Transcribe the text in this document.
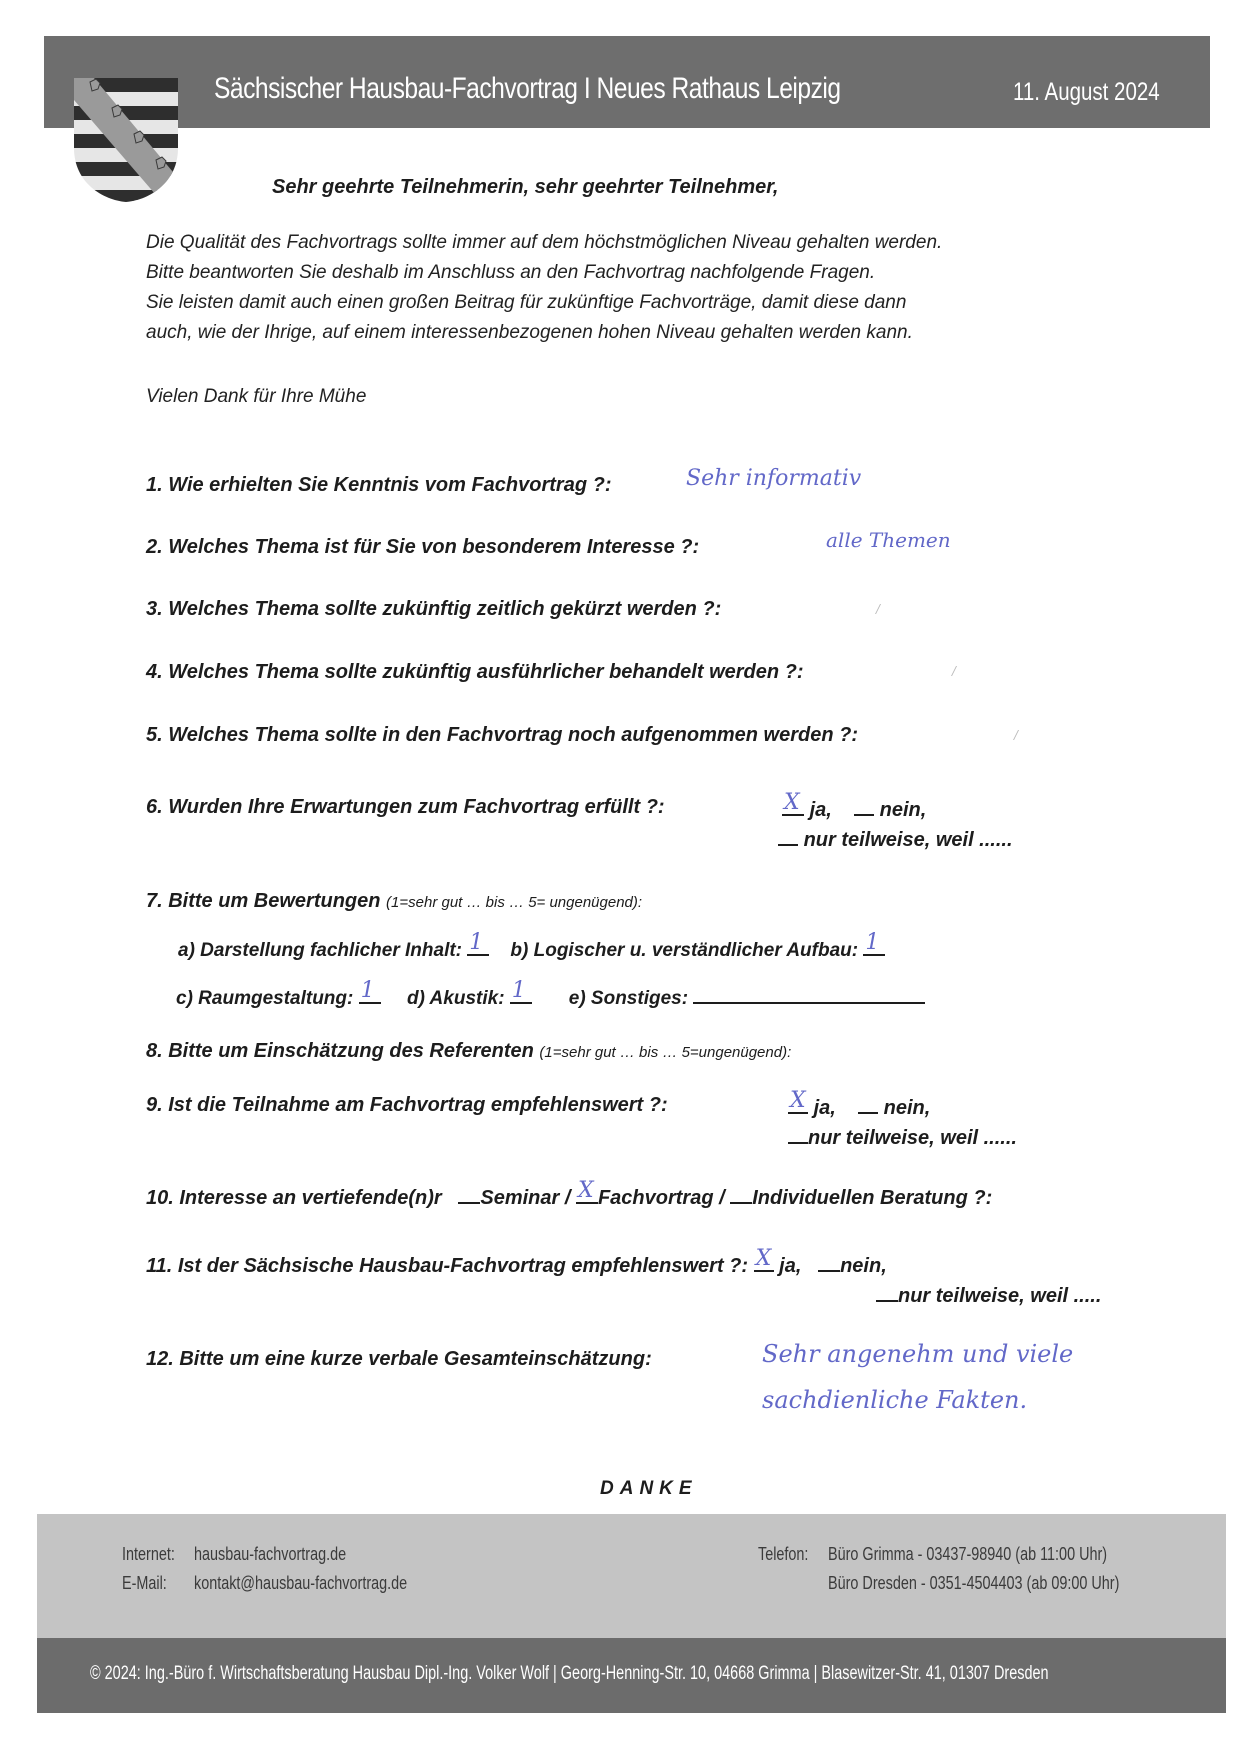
Sächsischer Hausbau-Fachvortrag I Neues Rathaus Leipzig	11. August 2024
Sehr geehrte Teilnehmerin, sehr geehrter Teilnehmer,
Die Qualität des Fachvortrags sollte immer auf dem höchstmöglichen Niveau gehalten werden.
Bitte beantworten Sie deshalb im Anschluss an den Fachvortrag nachfolgende Fragen.
Sie leisten damit auch einen großen Beitrag für zukünftige Fachvorträge, damit diese dann
auch, wie der Ihrige, auf einem interessenbezogenen hohen Niveau gehalten werden kann.
Vielen Dank für Ihre Mühe
1. Wie erhielten Sie Kenntnis vom Fachvortrag ?:	Sehr informativ
2. Welches Thema ist für Sie von besonderem Interesse ?:	alle Themen
3. Welches Thema sollte zukünftig zeitlich gekürzt werden ?:	/
4. Welches Thema sollte zukünftig ausführlicher behandelt werden ?:	/
5. Welches Thema sollte in den Fachvortrag noch aufgenommen werden ?:	/
6. Wurden Ihre Erwartungen zum Fachvortrag erfüllt ?:	X ja, nein,
nur teilweise, weil ......
7. Bitte um Bewertungen (1=sehr gut … bis … 5= ungenügend):
a) Darstellung fachlicher Inhalt: 1 b) Logischer u. verständlicher Aufbau: 1
c) Raumgestaltung: 1 d) Akustik: 1 e) Sonstiges:
8. Bitte um Einschätzung des Referenten (1=sehr gut … bis … 5=ungenügend):
9. Ist die Teilnahme am Fachvortrag empfehlenswert ?:	X ja, nein,
nur teilweise, weil ......
10. Interesse an vertiefende(n)r Seminar / X Fachvortrag / Individuellen Beratung ?:
11. Ist der Sächsische Hausbau-Fachvortrag empfehlenswert ?: X ja, nein,
nur teilweise, weil .....
12. Bitte um eine kurze verbale Gesamteinschätzung:	Sehr angenehm und viele
sachdienliche Fakten.
DANKE
Internet: hausbau-fachvortrag.de
E-Mail: kontakt@hausbau-fachvortrag.de
Telefon: Büro Grimma - 03437-98940 (ab 11:00 Uhr)
Büro Dresden - 0351-4504403 (ab 09:00 Uhr)
© 2024: Ing.-Büro f. Wirtschaftsberatung Hausbau Dipl.-Ing. Volker Wolf | Georg-Henning-Str. 10, 04668 Grimma | Blasewitzer-Str. 41, 01307 Dresden
